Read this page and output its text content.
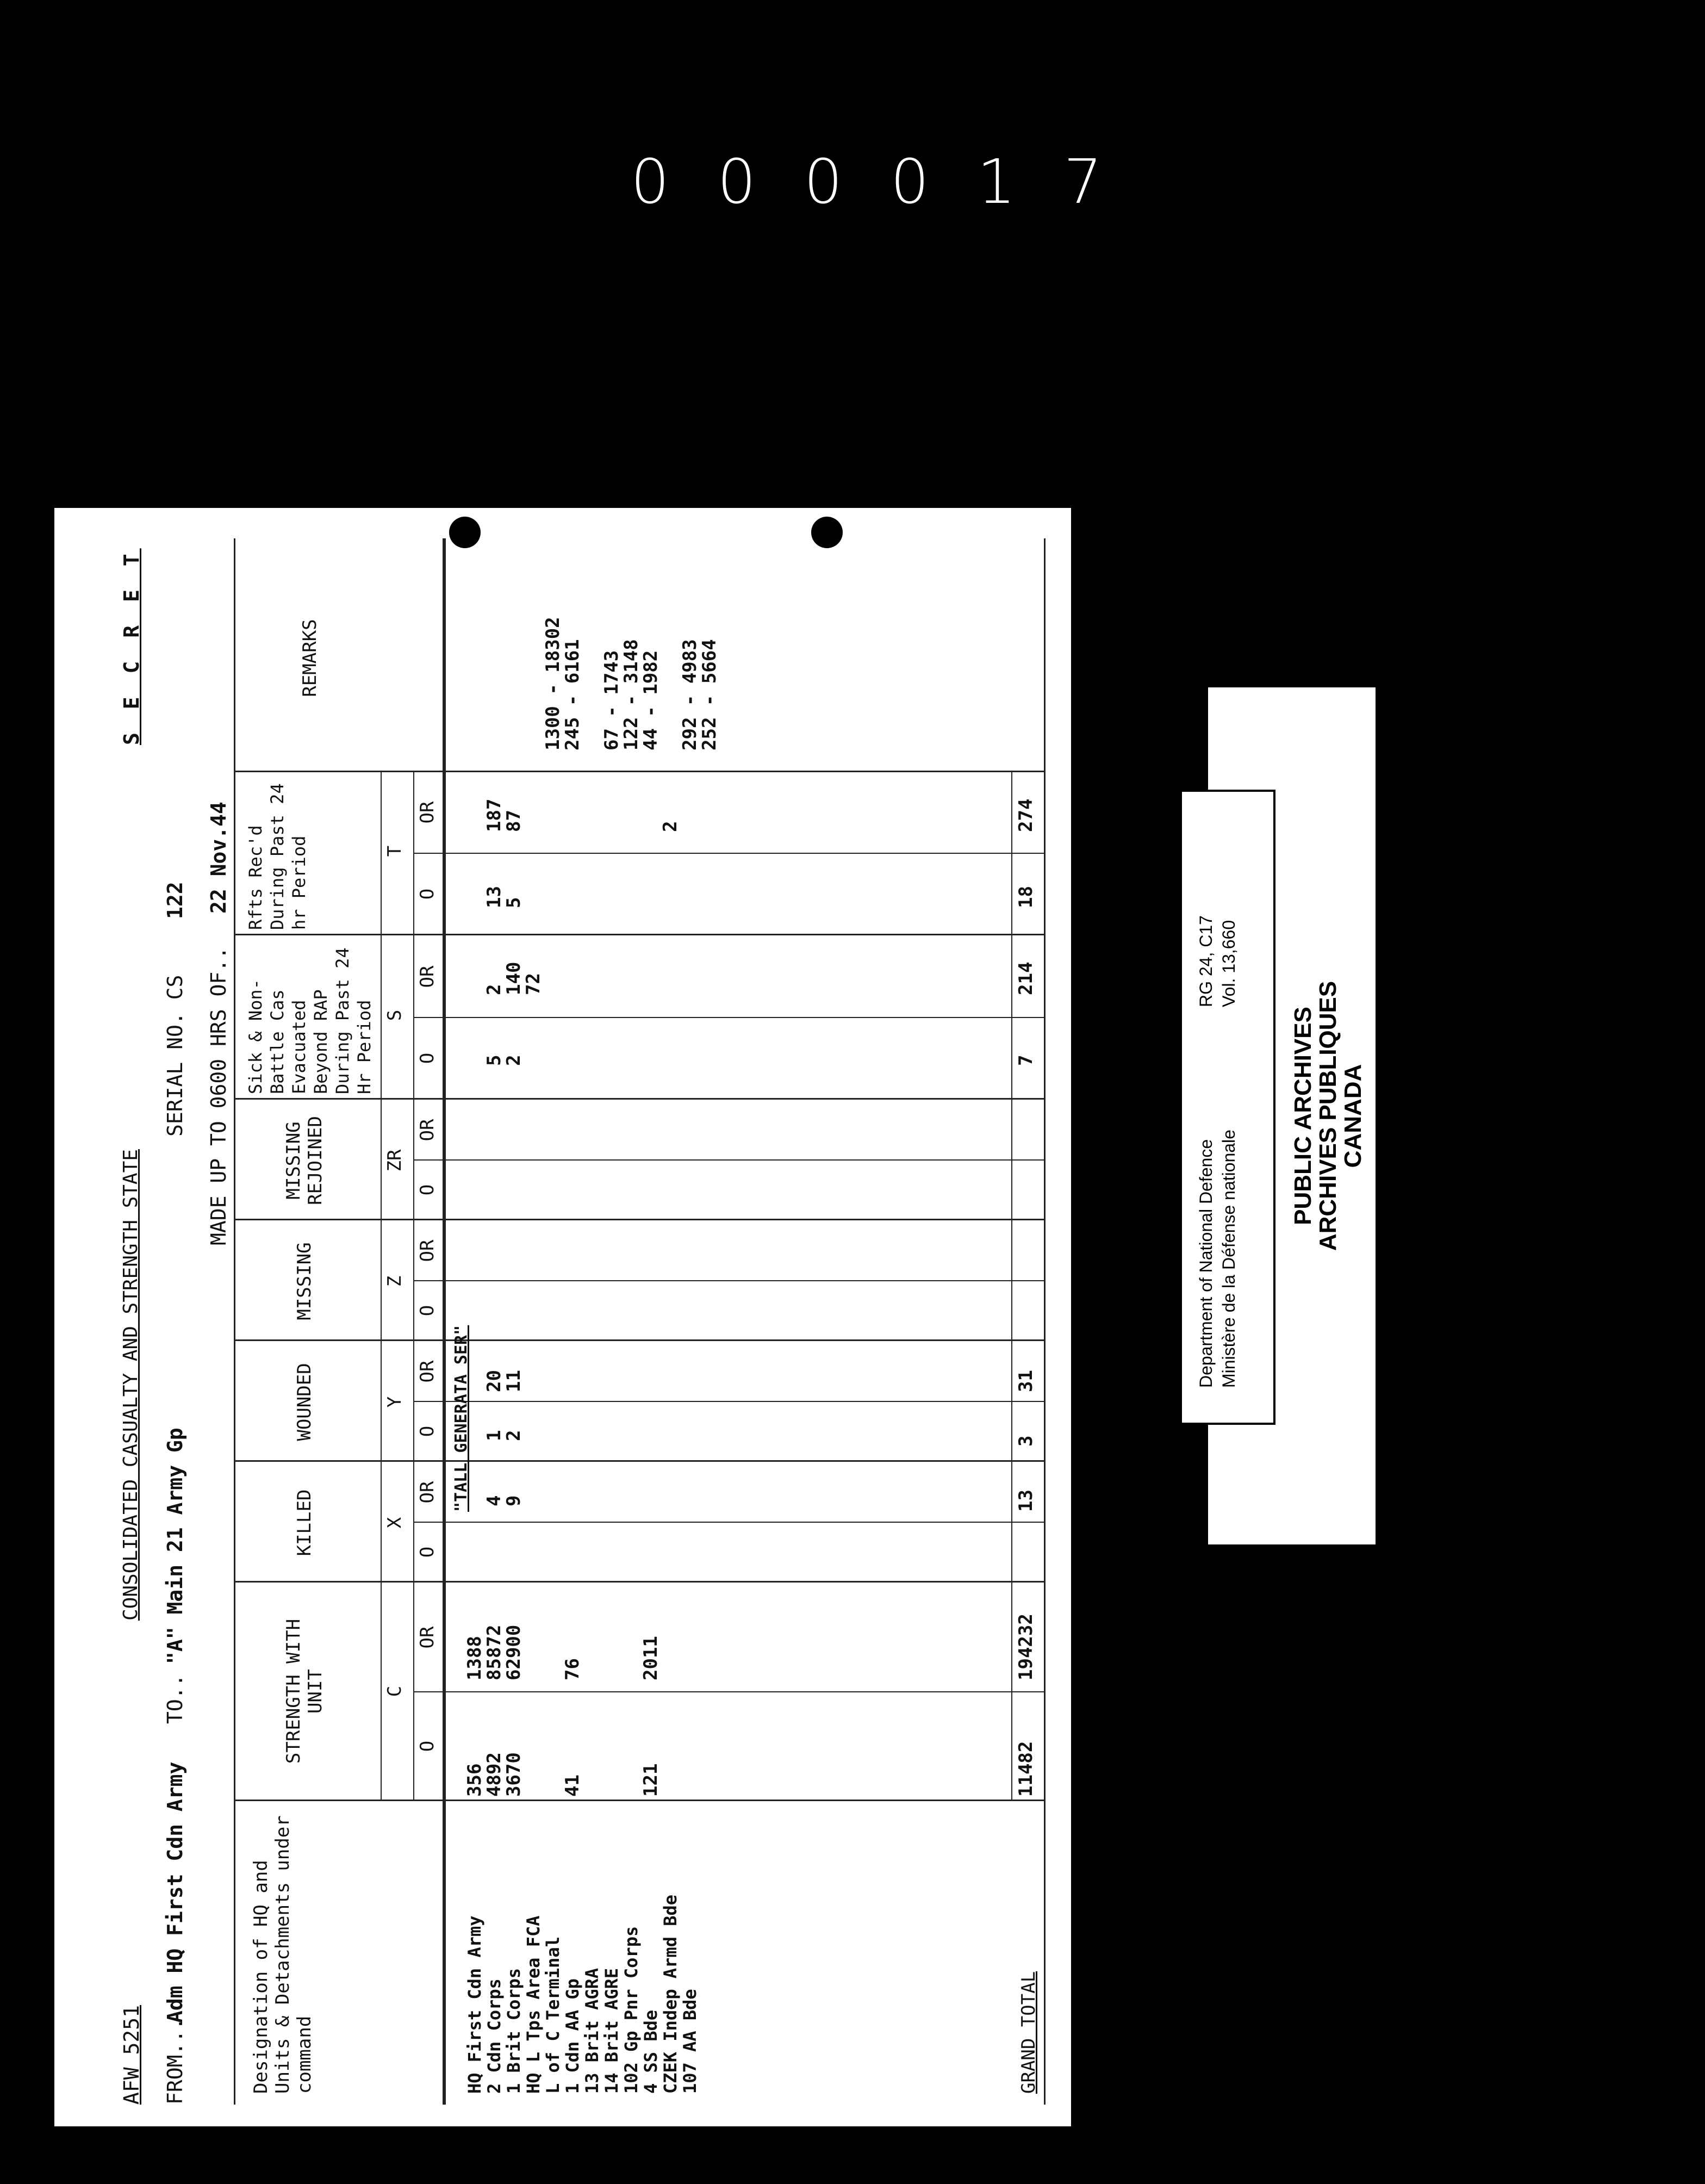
000017
AFW 5251
CONSOLIDATED CASUALTY AND STRENGTH STATE
S E C R E T
FROM...
Adm HQ First Cdn Army
TO..
"A" Main 21 Army Gp
SERIAL NO. CS
122
MADE UP TO 0600 HRS OF..
22 Nov.44
Designation of HQ and Units & Detachments under command
STRENGTH WITH UNIT
KILLED
WOUNDED
MISSING
MISSING REJOINED
Sick & Non-Battle Cas Evacuated Beyond RAP During Past 24 Hr Period
Rfts Rec'd During Past 24 hr Period
REMARKS
C
X
Y
Z
ZR
S
T
O
OR
O
OR
O
OR
O
OR
O
OR
O
OR
O
OR
HQ First Cdn Army
356
1388
2 Cdn Corps
4892
85872
4
1
20
5
2
13
187
1 Brit Corps
3670
62900
9
2
11
2
140
5
87
HQ L Tps Area FCA
72
L of C Terminal
1300 - 18302
1 Cdn AA Gp
41
76
245 - 6161
13 Brit AGRA
14 Brit AGRE
67 - 1743
102 Gp Pnr Corps
122 - 3148
4 SS Bde
121
2011
44 - 1982
CZEK Indep Armd Bde
2
107 AA Bde
292 - 4983
252 - 5664
"TALL GENERATA SER"
GRAND TOTAL
11482
194232
13
3
31
7
214
18
274
PUBLIC ARCHIVES
ARCHIVES PUBLIQUES
CANADA
Department of National Defence Ministère de la Défense nationale
RG 24, C17 Vol. 13,660
